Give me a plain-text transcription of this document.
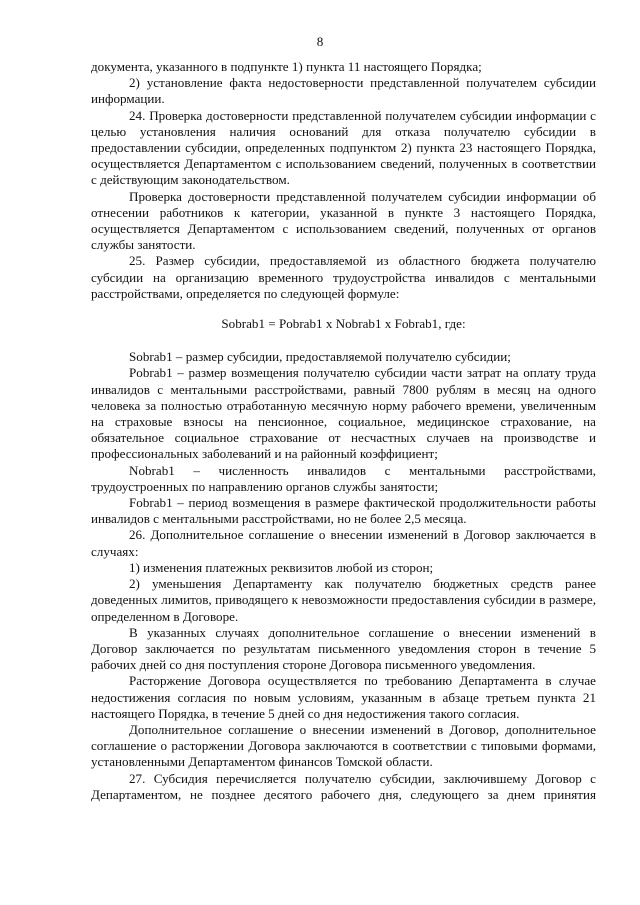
8

документа, указанного в подпункте 1) пункта 11 настоящего Порядка;

2) установление факта недостоверности представленной получателем субсидии информации.

24. Проверка достоверности представленной получателем субсидии информации с целью установления наличия оснований для отказа получателю субсидии в предоставлении субсидии, определенных подпунктом 2) пункта 23 настоящего Порядка, осуществляется Департаментом с использованием сведений, полученных в соответствии с действующим законодательством.

Проверка достоверности представленной получателем субсидии информации об отнесении работников к категории, указанной в пункте 3 настоящего Порядка, осуществляется Департаментом с использованием сведений, полученных от органов службы занятости.

25. Размер субсидии, предоставляемой из областного бюджета получателю субсидии на организацию временного трудоустройства инвалидов с ментальными расстройствами, определяется по следующей формуле:

Sobrab1 = Pobrab1 x Nobrab1 x Fobrab1, где:

Sobrab1 – размер субсидии, предоставляемой получателю субсидии;

Pobrab1 – размер возмещения получателю субсидии части затрат на оплату труда инвалидов с ментальными расстройствами, равный 7800 рублям в месяц на одного человека за полностью отработанную месячную норму рабочего времени, увеличенным на страховые взносы на пенсионное, социальное, медицинское страхование, на обязательное социальное страхование от несчастных случаев на производстве и профессиональных заболеваний и на районный коэффициент;

Nobrab1 – численность инвалидов с ментальными расстройствами, трудоустроенных по направлению органов службы занятости;

Fobrab1 – период возмещения в размере фактической продолжительности работы инвалидов с ментальными расстройствами, но не более 2,5 месяца.

26. Дополнительное соглашение о внесении изменений в Договор заключается в случаях:

1) изменения платежных реквизитов любой из сторон;

2) уменьшения Департаменту как получателю бюджетных средств ранее доведенных лимитов, приводящего к невозможности предоставления субсидии в размере, определенном в Договоре.

В указанных случаях дополнительное соглашение о внесении изменений в Договор заключается по результатам письменного уведомления сторон в течение 5 рабочих дней со дня поступления стороне Договора письменного уведомления.

Расторжение Договора осуществляется по требованию Департамента в случае недостижения согласия по новым условиям, указанным в абзаце третьем пункта 21 настоящего Порядка, в течение 5 дней со дня недостижения такого согласия.

Дополнительное соглашение о внесении изменений в Договор, дополнительное соглашение о расторжении Договора заключаются в соответствии с типовыми формами, установленными Департаментом финансов Томской области.

27. Субсидия перечисляется получателю субсидии, заключившему Договор с Департаментом, не позднее десятого рабочего дня, следующего за днем принятия
